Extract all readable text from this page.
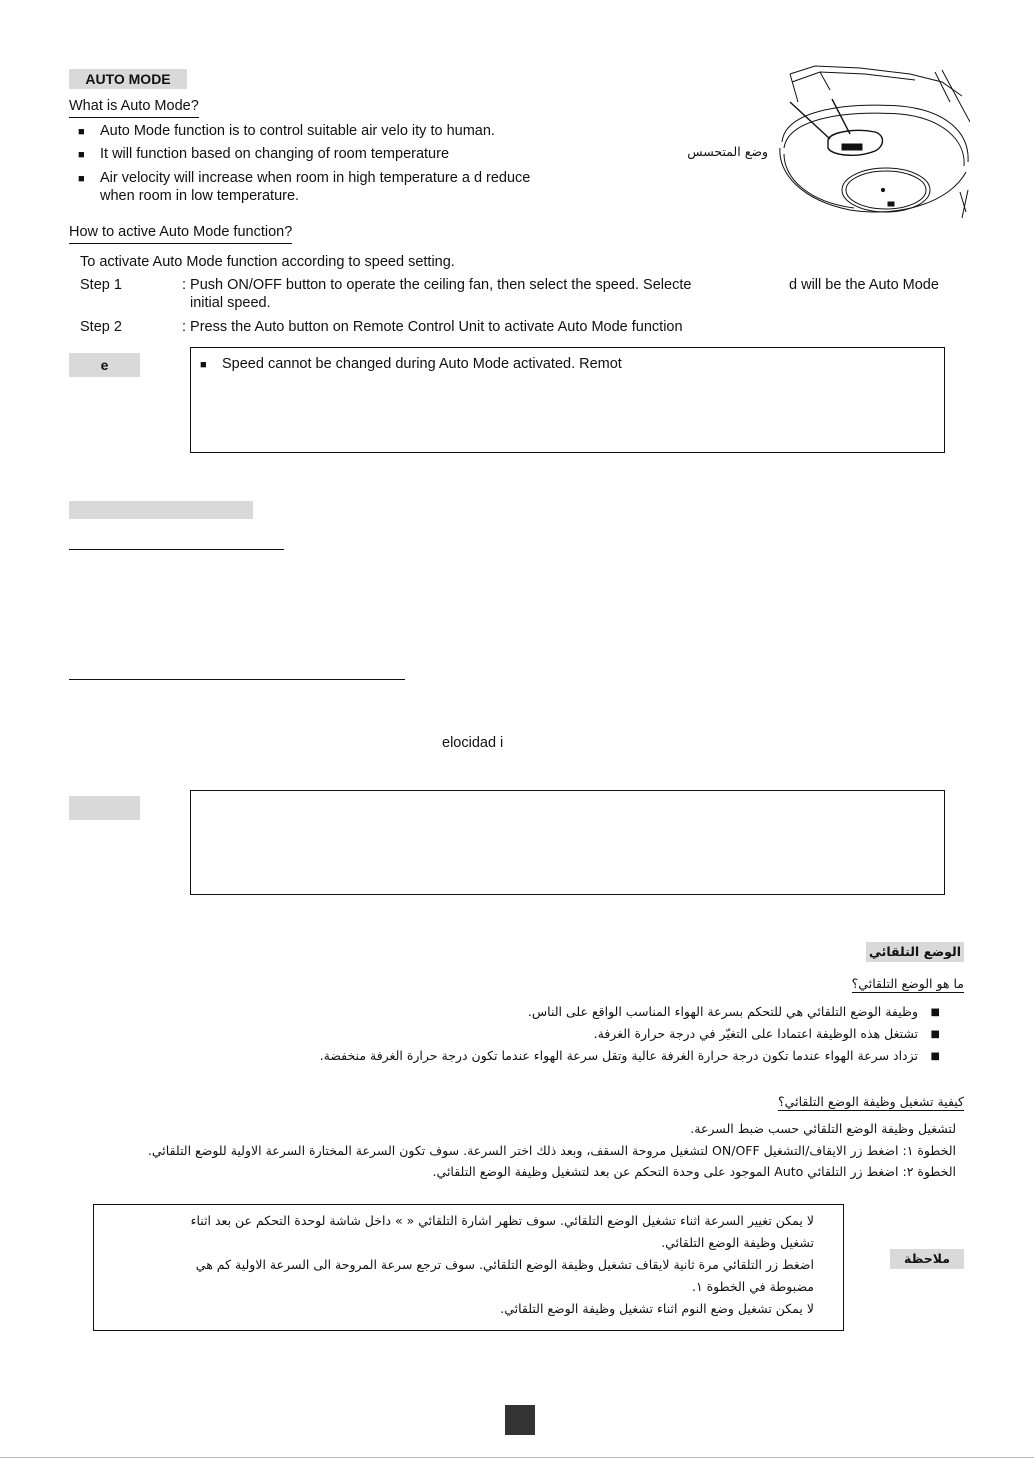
AUTO MODE
What is Auto Mode?
■ Auto Mode function is to control suitable air velo ity to human.
■ It will function based on changing of room temperature
■ Air velocity will increase when room in high temperature a d reduce
when room in low temperature.
How to active Auto Mode function?
To activate Auto Mode function according to speed setting.
Step 1	: Push ON/OFF button to operate the ceiling fan, then select the speed. Selecte	d will be the Auto Mode
initial speed.
Step 2	: Press the Auto button on Remote Control Unit to activate Auto Mode function
e
■	Speed cannot be changed during Auto Mode activated. Remot
وضع المتحسس
elocidad i
الوضع التلقائي
ما هو الوضع التلقائي؟
■ وظيفة الوضع التلقائي هي للتحكم بسرعة الهواء المناسب الواقع على الناس.
■ تشتغل هذه الوظيفة اعتمادا على التغيّر في درجة حرارة الغرفة.
■ تزداد سرعة الهواء عندما تكون درجة حرارة الغرفة عالية وتقل سرعة الهواء عندما تكون درجة حرارة الغرفة منخفضة.
كيفية تشغيل وظيفة الوضع التلقائي؟
لتشغيل وظيفة الوضع التلقائي حسب ضبط السرعة.
الخطوة ١: اضغط زر الايقاف/التشغيل ON/OFF لتشغيل مروحة السقف، وبعد ذلك اختر السرعة. سوف تكون السرعة المختارة السرعة الاولية للوضع التلقائي.
الخطوة ٢: اضغط زر التلقائي Auto الموجود على وحدة التحكم عن بعد لتشغيل وظيفة الوضع التلقائي.
لا يمكن تغيير السرعة اثناء تشغيل الوضع التلقائي. سوف تظهر اشارة التلقائي « » داخل شاشة لوحدة التحكم عن بعد اثناء
تشغيل وظيفة الوضع التلقائي.
اضغط زر التلقائي مرة ثانية لايقاف تشغيل وظيفة الوضع التلقائي. سوف ترجع سرعة المروحة الى السرعة الاولية كم هي
مضبوطة في الخطوة ١.
لا يمكن تشغيل وضع النوم اثناء تشغيل وظيفة الوضع التلقائي.
ملاحظة
